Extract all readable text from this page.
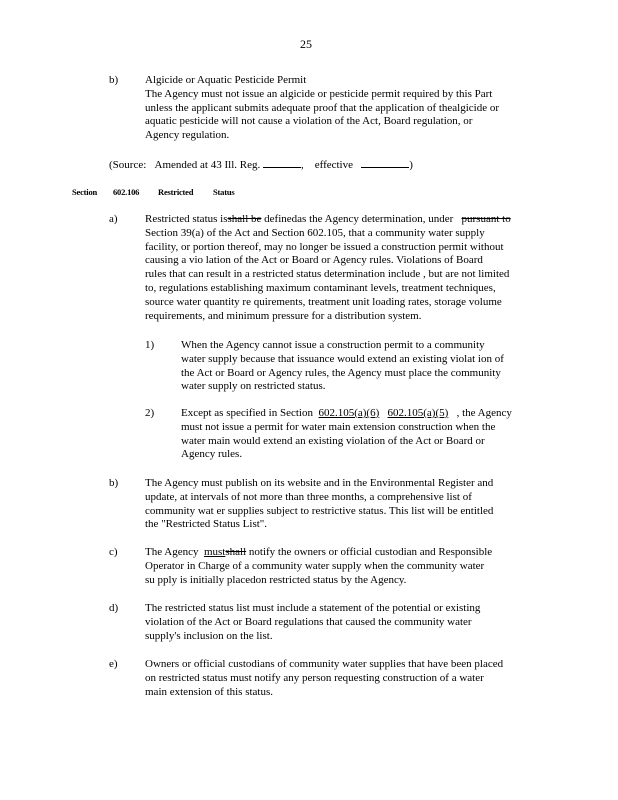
25
b) Algicide or Aquatic Pesticide Permit
The Agency must not issue an algicide or pesticide permit required by this Part
unless the applicant submits adequate proof that the application of thealgicide or
aquatic pesticide will not cause a violation of the Act, Board regulation, or
Agency regulation.
(Source: Amended at 43 Ill. Reg.	, effective	)
Section 602.106 Restricted Status
a) Restricted status isshall be definedas the Agency determination, under pursuant to
Section 39(a) of the Act and Section 602.105, that a community water supply
facility, or portion thereof, may no longer be issued a construction permit without
causing a vio lation of the Act or Board or Agency rules. Violations of Board
rules that can result in a restricted status determination include , but are not limited
to, regulations establishing maximum contaminant levels, treatment techniques,
source water quantity re quirements, treatment unit loading rates, storage volume
requirements, and minimum pressure for a distribution system.
1) When the Agency cannot issue a construction permit to a community
water supply because that issuance would extend an existing violat ion of
the Act or Board or Agency rules, the Agency must place the community
water supply on restricted status.
2) Except as specified in Section 602.105(a)(6) 602.105(a)(5) , the Agency
must not issue a permit for water main extension construction when the
water main would extend an existing violation of the Act or Board or
Agency rules.
b) The Agency must publish on its website and in the Environmental Register and
update, at intervals of not more than three months, a comprehensive list of
community wat er supplies subject to restrictive status. This list will be entitled
the "Restricted Status List".
c) The Agency mustshall notify the owners or official custodian and Responsible
Operator in Charge of a community water supply when the community water
su pply is initially placedon restricted status by the Agency.
d) The restricted status list must include a statement of the potential or existing
violation of the Act or Board regulations that caused the community water
supply's inclusion on the list.
e) Owners or official custodians of community water supplies that have been placed
on restricted status must notify any person requesting construction of a water
main extension of this status.
